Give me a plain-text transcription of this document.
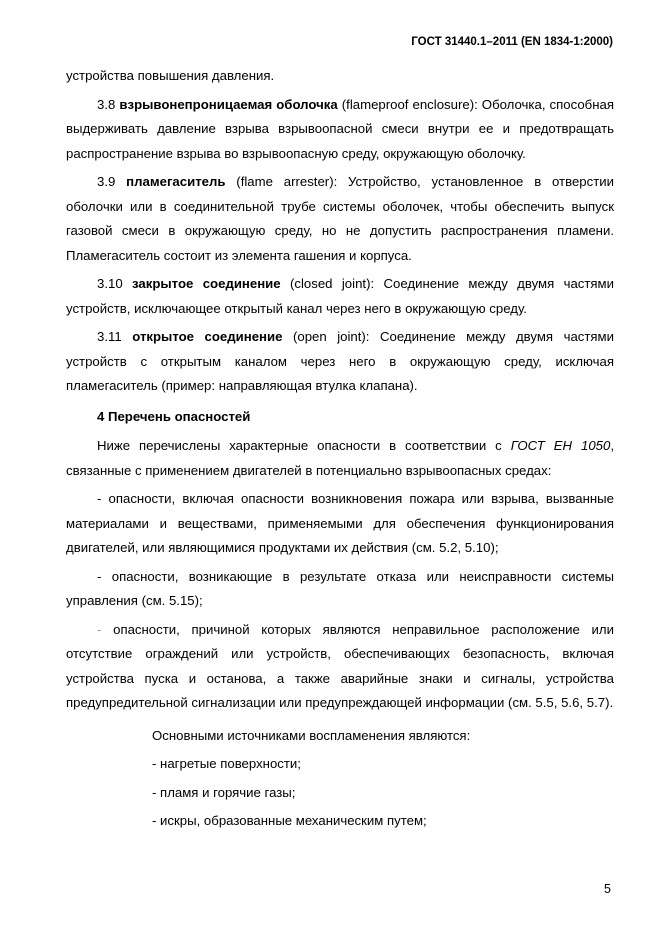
ГОСТ 31440.1–2011 (EN 1834-1:2000)

устройства повышения давления.

3.8 взрывонепроницаемая оболочка (flameproof enclosure): Оболочка, способная выдерживать давление взрыва взрывоопасной смеси внутри ее и предотвращать распространение взрыва во взрывоопасную среду, окружающую оболочку.

3.9 пламегаситель (flame arrester): Устройство, установленное в отверстии оболочки или в соединительной трубе системы оболочек, чтобы обеспечить выпуск газовой смеси в окружающую среду, но не допустить распространения пламени. Пламегаситель состоит из элемента гашения и корпуса.

3.10 закрытое соединение (closed joint): Соединение между двумя частями устройств, исключающее открытый канал через него в окружающую среду.

3.11 открытое соединение (open joint): Соединение между двумя частями устройств с открытым каналом через него в окружающую среду, исключая пламегаситель (пример: направляющая втулка клапана).

4 Перечень опасностей

Ниже перечислены характерные опасности в соответствии с ГОСТ ЕН 1050, связанные с применением двигателей в потенциально взрывоопасных средах:

- опасности, включая опасности возникновения пожара или взрыва, вызванные материалами и веществами, применяемыми для обеспечения функционирования двигателей, или являющимися продуктами их действия (см. 5.2, 5.10);

- опасности, возникающие в результате отказа или неисправности системы управления (см. 5.15);

- опасности, причиной которых являются неправильное расположение или отсутствие ограждений или устройств, обеспечивающих безопасность, включая устройства пуска и останова, а также аварийные знаки и сигналы, устройства предупредительной сигнализации или предупреждающей информации (см. 5.5, 5.6, 5.7).

Основными источниками воспламенения являются:

- нагретые поверхности;

- пламя и горячие газы;

- искры, образованные механическим путем;

5
